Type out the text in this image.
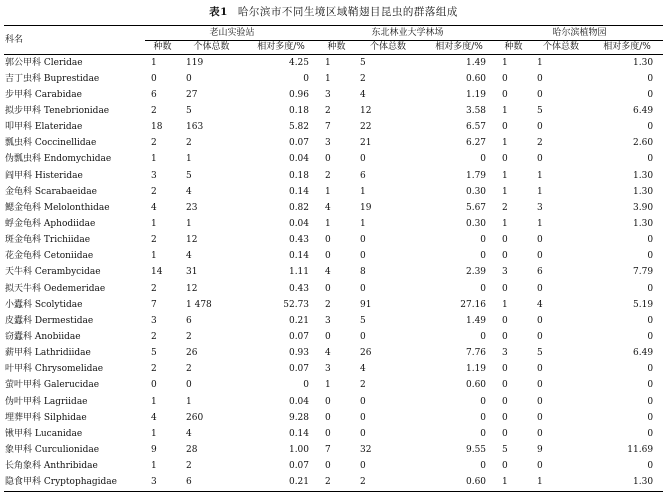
表1 哈尔滨市不同生境区域鞘翅目昆虫的群落组成
科名	老山实验站			东北林业大学林场			哈尔滨植物园		
	种数	个体总数	相对多度/%	种数	个体总数	相对多度/%	种数	个体总数	相对多度/%
郭公甲科 Cleridae	1	119	4.25	1	5	1.49	1	1	1.30
吉丁虫科 Buprestidae	0	0	0	1	2	0.60	0	0	0
步甲科 Carabidae	6	27	0.96	3	4	1.19	0	0	0
拟步甲科 Tenebrionidae	2	5	0.18	2	12	3.58	1	5	6.49
叩甲科 Elateridae	18	163	5.82	7	22	6.57	0	0	0
瓢虫科 Coccinellidae	2	2	0.07	3	21	6.27	1	2	2.60
伪瓢虫科 Endomychidae	1	1	0.04	0	0	0	0	0	0
阎甲科 Histeridae	3	5	0.18	2	6	1.79	1	1	1.30
金龟科 Scarabaeidae	2	4	0.14	1	1	0.30	1	1	1.30
鳃金龟科 Melolonthidae	4	23	0.82	4	19	5.67	2	3	3.90
蜉金龟科 Aphodiidae	1	1	0.04	1	1	0.30	1	1	1.30
斑金龟科 Trichiidae	2	12	0.43	0	0	0	0	0	0
花金龟科 Cetoniidae	1	4	0.14	0	0	0	0	0	0
天牛科 Cerambycidae	14	31	1.11	4	8	2.39	3	6	7.79
拟天牛科 Oedemeridae	2	12	0.43	0	0	0	0	0	0
小蠹科 Scolytidae	7	1 478	52.73	2	91	27.16	1	4	5.19
皮蠹科 Dermestidae	3	6	0.21	3	5	1.49	0	0	0
窃蠹科 Anobiidae	2	2	0.07	0	0	0	0	0	0
薪甲科 Lathridiidae	5	26	0.93	4	26	7.76	3	5	6.49
叶甲科 Chrysomelidae	2	2	0.07	3	4	1.19	0	0	0
萤叶甲科 Galerucidae	0	0	0	1	2	0.60	0	0	0
伪叶甲科 Lagriidae	1	1	0.04	0	0	0	0	0	0
埋葬甲科 Silphidae	4	260	9.28	0	0	0	0	0	0
锹甲科 Lucanidae	1	4	0.14	0	0	0	0	0	0
象甲科 Curculionidae	9	28	1.00	7	32	9.55	5	9	11.69
长角象科 Anthribidae	1	2	0.07	0	0	0	0	0	0
隐食甲科 Cryptophagidae	3	6	0.21	2	2	0.60	1	1	1.30
